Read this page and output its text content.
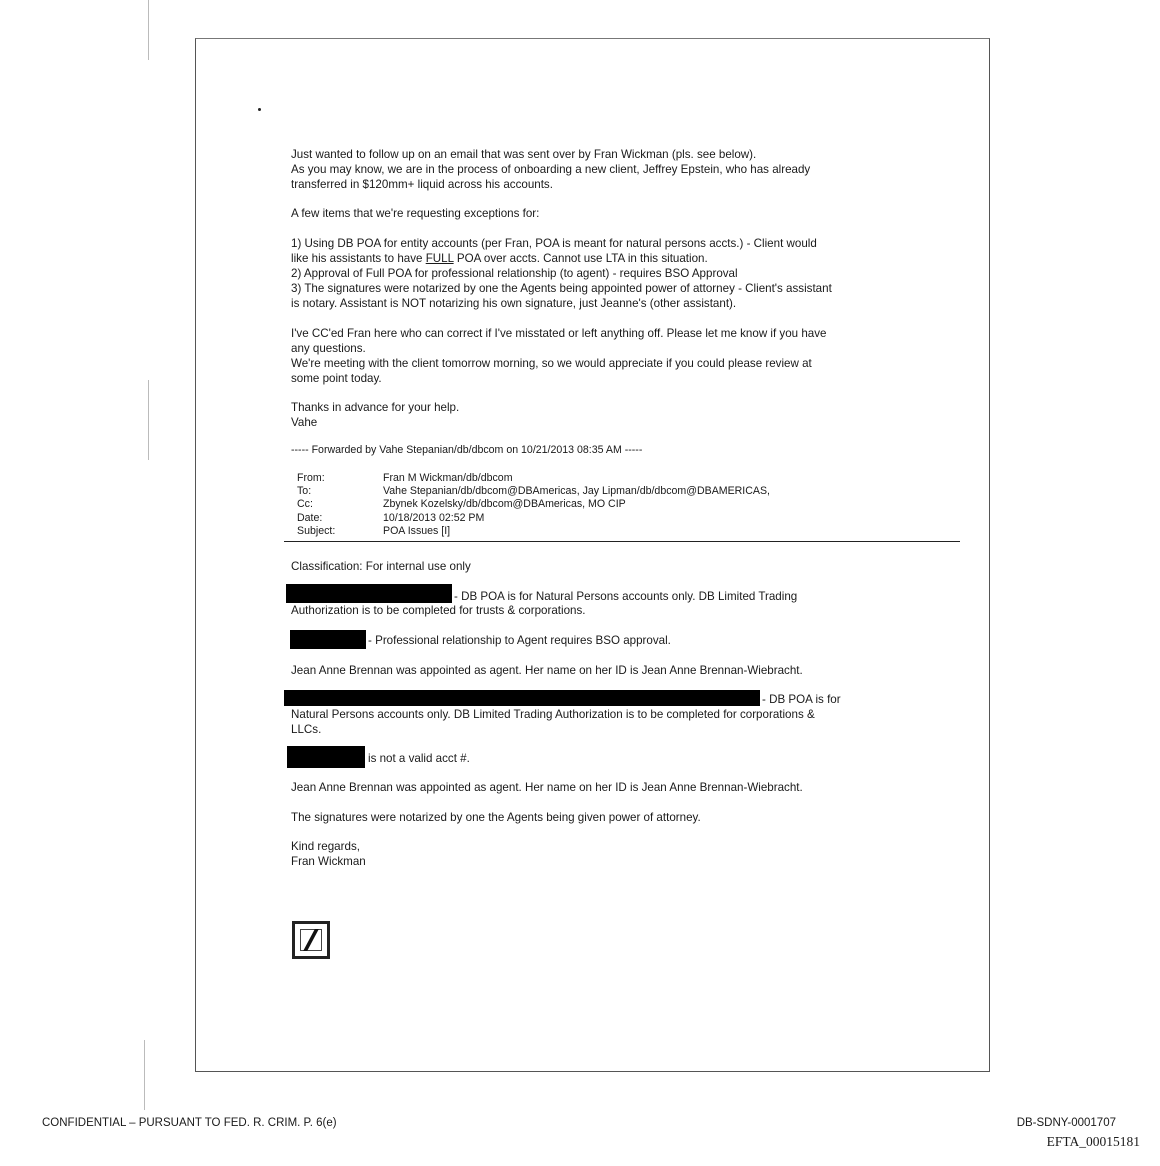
Just wanted to follow up on an email that was sent over by Fran Wickman (pls. see below).
As you may know, we are in the process of onboarding a new client, Jeffrey Epstein, who has already
transferred in $120mm+ liquid across his accounts.
A few items that we're requesting exceptions for:
1) Using DB POA for entity accounts (per Fran, POA is meant for natural persons accts.) - Client would
like his assistants to have FULL POA over accts. Cannot use LTA in this situation.
2) Approval of Full POA for professional relationship (to agent) - requires BSO Approval
3) The signatures were notarized by one the Agents being appointed power of attorney - Client's assistant
is notary. Assistant is NOT notarizing his own signature, just Jeanne's (other assistant).
I've CC'ed Fran here who can correct if I've misstated or left anything off. Please let me know if you have
any questions.
We're meeting with the client tomorrow morning, so we would appreciate if you could please review at
some point today.
Thanks in advance for your help.
Vahe
----- Forwarded by Vahe Stepanian/db/dbcom on 10/21/2013 08:35 AM -----
From:	Fran M Wickman/db/dbcom
To:	Vahe Stepanian/db/dbcom@DBAmericas, Jay Lipman/db/dbcom@DBAMERICAS,
Cc:	Zbynek Kozelsky/db/dbcom@DBAmericas, MO CIP
Date:	10/18/2013 02:52 PM
Subject:	POA Issues [I]
Classification: For internal use only
- DB POA is for Natural Persons accounts only. DB Limited Trading
Authorization is to be completed for trusts & corporations.
- Professional relationship to Agent requires BSO approval.
Jean Anne Brennan was appointed as agent. Her name on her ID is Jean Anne Brennan-Wiebracht.
- DB POA is for
Natural Persons accounts only. DB Limited Trading Authorization is to be completed for corporations &
LLCs.
is not a valid acct #.
Jean Anne Brennan was appointed as agent. Her name on her ID is Jean Anne Brennan-Wiebracht.
The signatures were notarized by one the Agents being given power of attorney.
Kind regards,
Fran Wickman
CONFIDENTIAL – PURSUANT TO FED. R. CRIM. P. 6(e)	DB-SDNY-0001707
EFTA_00015181
